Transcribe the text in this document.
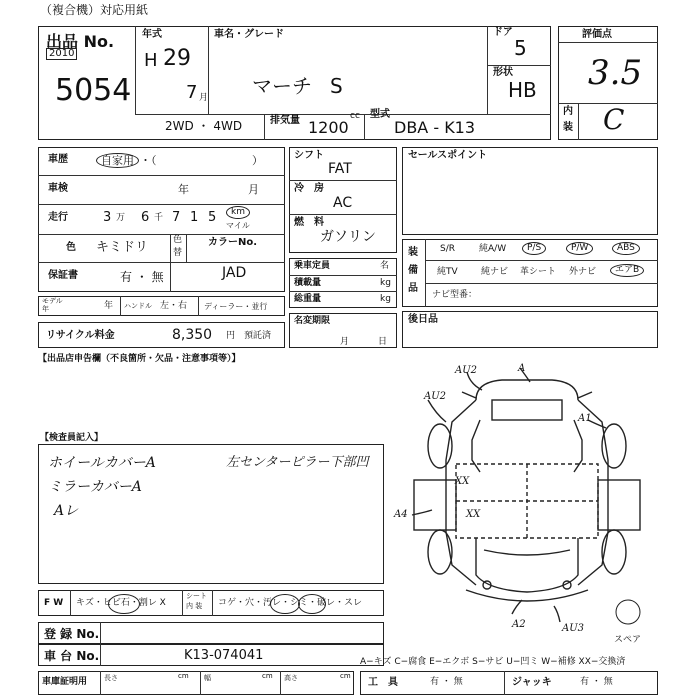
（複合機）対応用紙
出品 No.
2010
5054
年式
H 29
7 月
車名・グレード
マーチ S
ドア
5
形状
HB
2WD ・ 4WD	排気量	cc
1200
型式
DBA - K13
評価点
3.5
内
装 C
車歴	自家用 ・（	）
車検	年	月
走行	3 万 6 千 7 1 5	km
マイル
色 キミドリ	色
替
カラーNo.
JAD
保証書	有 ・ 無
モデル
年	年 ハンドル 左・右 ディーラー・並行
リサイクル料金	8,350 円 預託済
シフト
FAT
冷　房
AC
燃　料
ガソリン
乗車定員	名
積載量	kg
総重量	kg
名変期限
月	日
セールスポイント
装
備
品
S/R	純A/W	P/S	P/W	ABS
純TV	純ナビ 革シート 外ナビ	エアB
ナビ型番：
後日品
【出品店申告欄（不良箇所・欠品・注意事項等）】
【検査員記入】
ホイールカバーA
ミラーカバーA
Aレ
左センターピラー下部凹
AU2	A
AU2
A1
A4
XX
XX
A2	AU3
スペア
F W キズ・ヒビ石・割レ X
シート
内 装 コゲ・穴・汚レ・シミ・破レ・スレ
登 録 No.
車 台 No.	K13-074041	A−キズ C−腐食 E−エクボ S−サビ U−凹ミ W−補修 XX−交換済
車庫証明用 長さ	cm 幅	cm 高さ	cm
工　具	有 ・ 無	ジャッキ	有 ・ 無
